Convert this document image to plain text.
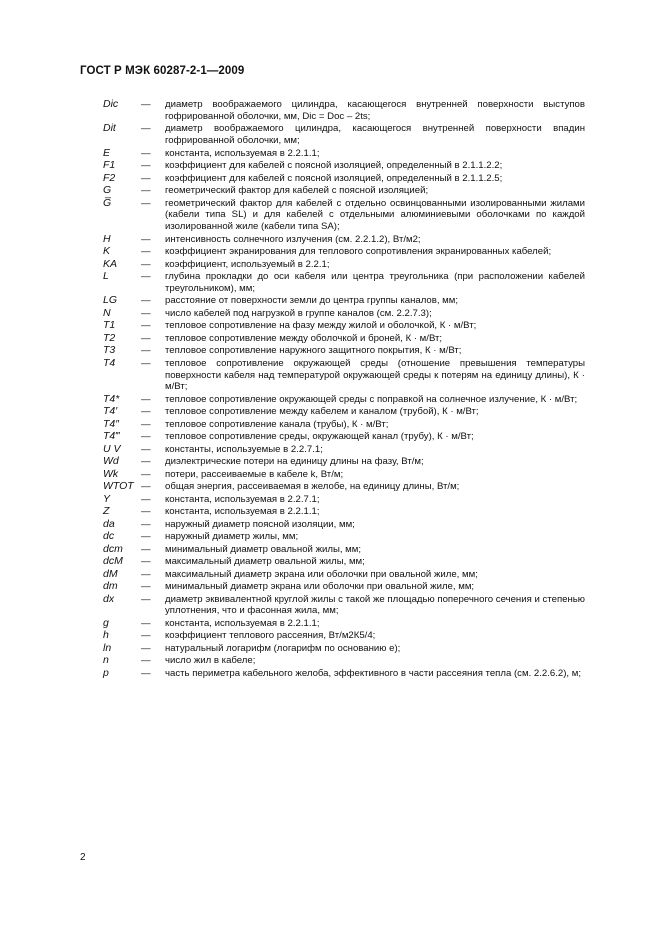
ГОСТ Р МЭК 60287-2-1—2009
Dic	—	диаметр воображаемого цилиндра, касающегося внутренней поверхности выступов гофрированной оболочки, мм, Dic = Doc – 2ts;
Dit	—	диаметр воображаемого цилиндра, касающегося внутренней поверхности впадин гофрированной оболочки, мм;
E	—	константа, используемая в 2.2.1.1;
F1	—	коэффициент для кабелей с поясной изоляцией, определенный в 2.1.1.2.2;
F2	—	коэффициент для кабелей с поясной изоляцией, определенный в 2.1.1.2.5;
G	—	геометрический фактор для кабелей с поясной изоляцией;
G̅	—	геометрический фактор для кабелей с отдельно освинцованными изолированными жилами (кабели типа SL) и для кабелей с отдельными алюминиевыми оболочками по каждой изолированной жиле (кабели типа SA);
H	—	интенсивность солнечного излучения (см. 2.2.1.2), Вт/м2;
K	—	коэффициент экранирования для теплового сопротивления экранированных кабелей;
KA	—	коэффициент, используемый в 2.2.1;
L	—	глубина прокладки до оси кабеля или центра треугольника (при расположении кабелей треугольником), мм;
LG	—	расстояние от поверхности земли до центра группы каналов, мм;
N	—	число кабелей под нагрузкой в группе каналов (см. 2.2.7.3);
T1	—	тепловое сопротивление на фазу между жилой и оболочкой, К · м/Вт;
T2	—	тепловое сопротивление между оболочкой и броней, К · м/Вт;
T3	—	тепловое сопротивление наружного защитного покрытия, К · м/Вт;
T4	—	тепловое сопротивление окружающей среды (отношение превышения температуры поверхности кабеля над температурой окружающей среды к потерям на единицу длины), К · м/Вт;
T4*	—	тепловое сопротивление окружающей среды с поправкой на солнечное излучение, К · м/Вт;
T4′	—	тепловое сопротивление между кабелем и каналом (трубой), К · м/Вт;
T4″	—	тепловое сопротивление канала (трубы), К · м/Вт;
T4‴	—	тепловое сопротивление среды, окружающей канал (трубу), К · м/Вт;
U V	—	константы, используемые в 2.2.7.1;
Wd	—	диэлектрические потери на единицу длины на фазу, Вт/м;
Wk	—	потери, рассеиваемые в кабеле k, Вт/м;
WTOT —	общая энергия, рассеиваемая в желобе, на единицу длины, Вт/м;
Y	—	константа, используемая в 2.2.7.1;
Z	—	константа, используемая в 2.2.1.1;
da	—	наружный диаметр поясной изоляции, мм;
dc	—	наружный диаметр жилы, мм;
dcm	—	минимальный диаметр овальной жилы, мм;
dcM	—	максимальный диаметр овальной жилы, мм;
dM	—	максимальный диаметр экрана или оболочки при овальной жиле, мм;
dm	—	минимальный диаметр экрана или оболочки при овальной жиле, мм;
dx	—	диаметр эквивалентной круглой жилы с такой же площадью поперечного сечения и степенью уплотнения, что и фасонная жила, мм;
g	—	константа, используемая в 2.2.1.1;
h	—	коэффициент теплового рассеяния, Вт/м2К5/4;
ln	—	натуральный логарифм (логарифм по основанию e);
n	—	число жил в кабеле;
p	—	часть периметра кабельного желоба, эффективного в части рассеяния тепла (см. 2.2.6.2), м;
2
